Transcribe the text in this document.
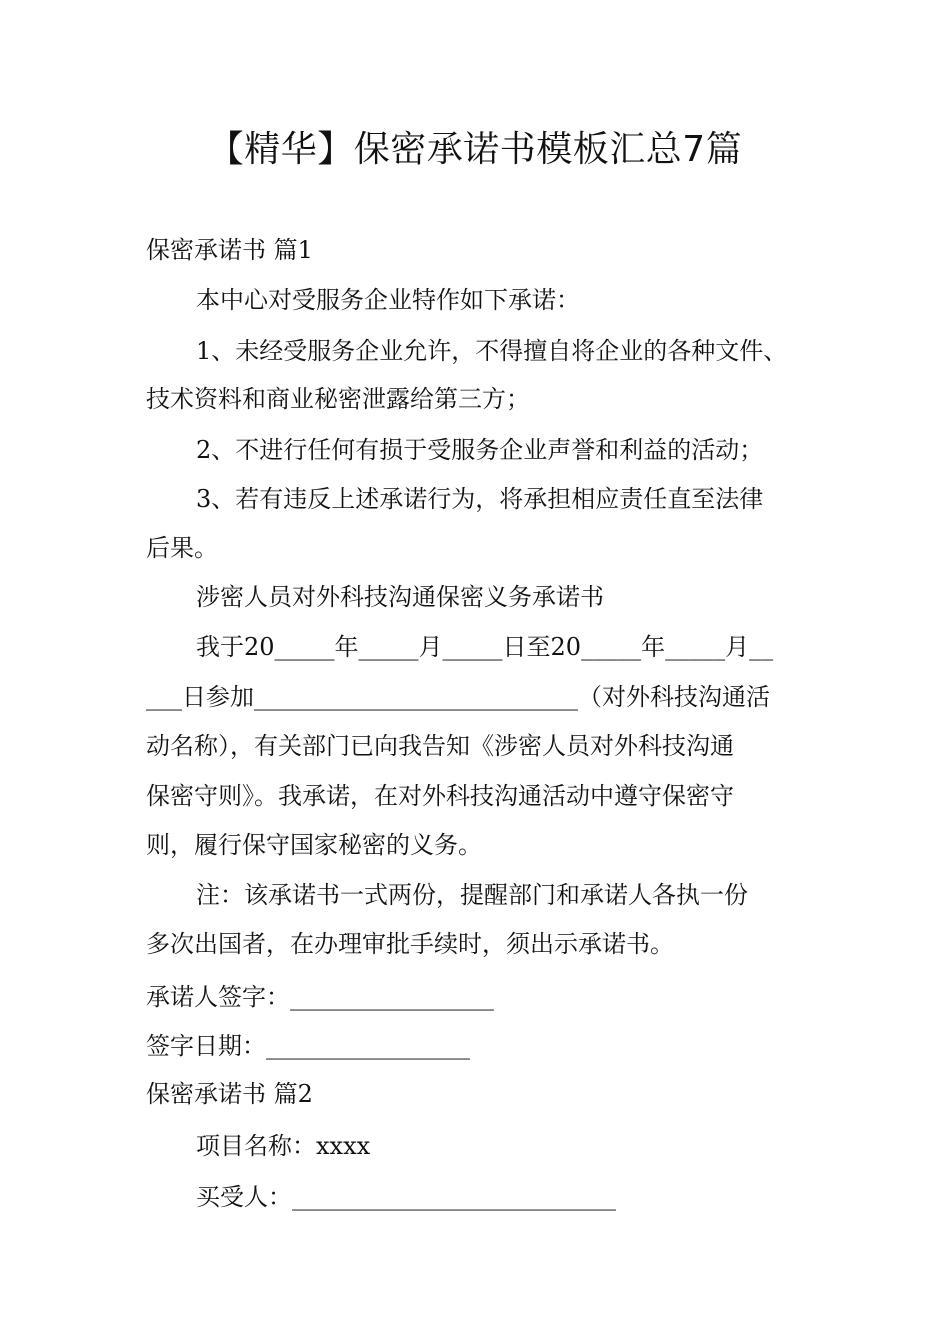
【精华】保密承诺书模板汇总7篇

保密承诺书 篇1

本中心对受服务企业特作如下承诺：

1、未经受服务企业允许，不得擅自将企业的各种文件、

技术资料和商业秘密泄露给第三方；

2、不进行任何有损于受服务企业声誉和利益的活动；

3、若有违反上述承诺行为，将承担相应责任直至法律

后果。

涉密人员对外科技沟通保密义务承诺书

我于20_____年_____月_____日至20_____年_____月__

___日参加___________________________（对外科技沟通活

动名称），有关部门已向我告知《涉密人员对外科技沟通

保密守则》。我承诺，在对外科技沟通活动中遵守保密守

则，履行保守国家秘密的义务。

注：该承诺书一式两份，提醒部门和承诺人各执一份

多次出国者，在办理审批手续时，须出示承诺书。

承诺人签字：_________________

签字日期：_________________

保密承诺书 篇2

项目名称：xxxx

买受人：___________________________
